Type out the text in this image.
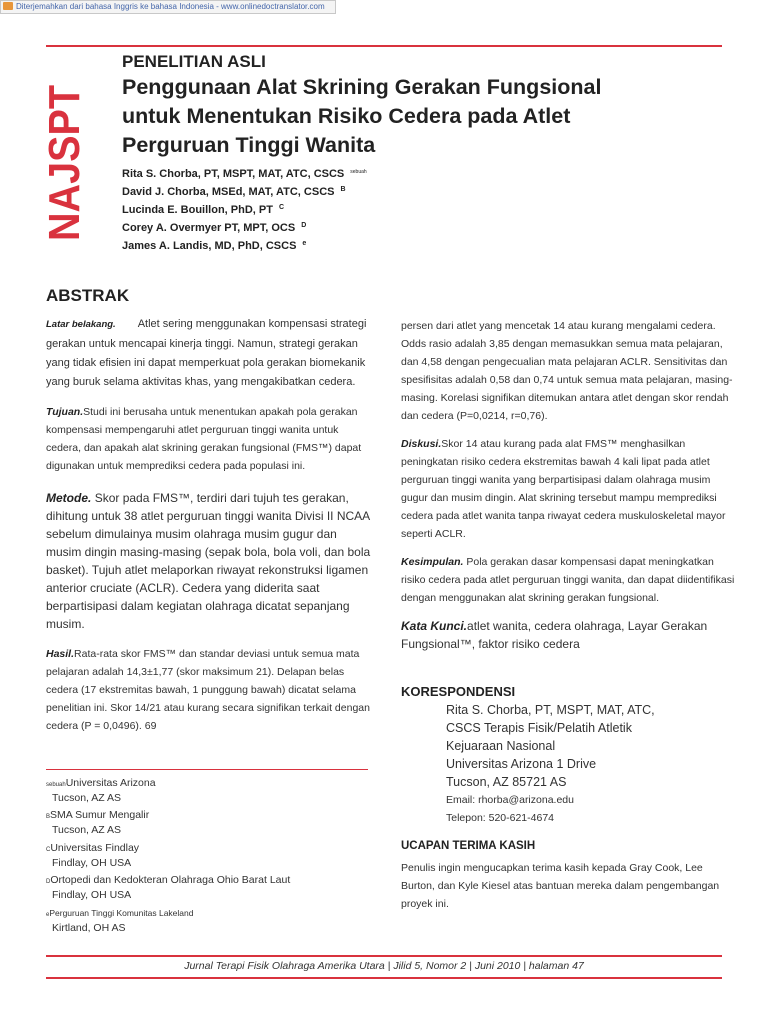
Diterjemahkan dari bahasa Inggris ke bahasa Indonesia - www.onlinedoctranslator.com
NAJSPT
PENELITIAN ASLI
Penggunaan Alat Skrining Gerakan Fungsional
untuk Menentukan Risiko Cedera pada Atlet
Perguruan Tinggi Wanita
Rita S. Chorba, PT, MSPT, MAT, ATC, CSCS $^{sebuah}$
David J. Chorba, MSEd, MAT, ATC, CSCS $^B$
Lucinda E. Bouillon, PhD, PT $^C$
Corey A. Overmyer PT, MPT, OCS $^D$
James A. Landis, MD, PhD, CSCS $^e$
ABSTRAK

Latar belakang. Atlet sering menggunakan kompensasi strategi gerakan untuk mencapai kinerja tinggi. Namun, strategi gerakan yang tidak efisien ini dapat memperkuat pola gerakan biomekanik yang buruk selama aktivitas khas, yang mengakibatkan cedera.

Tujuan.Studi ini berusaha untuk menentukan apakah pola gerakan kompensasi mempengaruhi atlet perguruan tinggi wanita untuk cedera, dan apakah alat skrining gerakan fungsional (FMS™) dapat digunakan untuk memprediksi cedera pada populasi ini.

Metode. Skor pada FMS™, terdiri dari tujuh tes gerakan, dihitung untuk 38 atlet perguruan tinggi wanita Divisi II NCAA sebelum dimulainya musim olahraga musim gugur dan musim dingin masing-masing (sepak bola, bola voli, dan bola basket). Tujuh atlet melaporkan riwayat rekonstruksi ligamen anterior cruciate (ACLR). Cedera yang diderita saat berpartisipasi dalam kegiatan olahraga dicatat sepanjang musim.

Hasil.Rata-rata skor FMS™ dan standar deviasi untuk semua mata pelajaran adalah 14,3±1,77 (skor maksimum 21). Delapan belas cedera (17 ekstremitas bawah, 1 punggung bawah) dicatat selama penelitian ini. Skor 14/21 atau kurang secara signifikan terkait dengan cedera (P = 0,0496). 69

sebuahUniversitas Arizona
Tucson, AZ AS
BSMA Sumur Mengalir
Tucson, AZ AS
CUniversitas Findlay
Findlay, OH USA
DOrtopedi dan Kedokteran Olahraga Ohio Barat Laut
Findlay, OH USA
ePerguruan Tinggi Komunitas Lakeland
Kirtland, OH AS

persen dari atlet yang mencetak 14 atau kurang mengalami cedera. Odds rasio adalah 3,85 dengan memasukkan semua mata pelajaran, dan 4,58 dengan pengecualian mata pelajaran ACLR. Sensitivitas dan spesifisitas adalah 0,58 dan 0,74 untuk semua mata pelajaran, masing-masing. Korelasi signifikan ditemukan antara atlet dengan skor rendah dan cedera (P=0,0214, r=0,76).

Diskusi.Skor 14 atau kurang pada alat FMS™ menghasilkan peningkatan risiko cedera ekstremitas bawah 4 kali lipat pada atlet perguruan tinggi wanita yang berpartisipasi dalam olahraga musim gugur dan musim dingin. Alat skrining tersebut mampu memprediksi cedera pada atlet wanita tanpa riwayat cedera muskuloskeletal mayor seperti ACLR.

Kesimpulan. Pola gerakan dasar kompensasi dapat meningkatkan risiko cedera pada atlet perguruan tinggi wanita, dan dapat diidentifikasi dengan menggunakan alat skrining gerakan fungsional.

Kata Kunci.atlet wanita, cedera olahraga, Layar Gerakan Fungsional™, faktor risiko cedera

KORESPONDENSI
Rita S. Chorba, PT, MSPT, MAT, ATC,
CSCS Terapis Fisik/Pelatih Atletik
Kejuaraan Nasional
Universitas Arizona 1 Drive
Tucson, AZ 85721 AS
Email: rhorba@arizona.edu
Telepon: 520-621-4674
UCAPAN TERIMA KASIH
Penulis ingin mengucapkan terima kasih kepada Gray Cook, Lee Burton, dan Kyle Kiesel atas bantuan mereka dalam pengembangan proyek ini.
Jurnal Terapi Fisik Olahraga Amerika Utara | Jilid 5, Nomor 2 | Juni 2010 | halaman 47
